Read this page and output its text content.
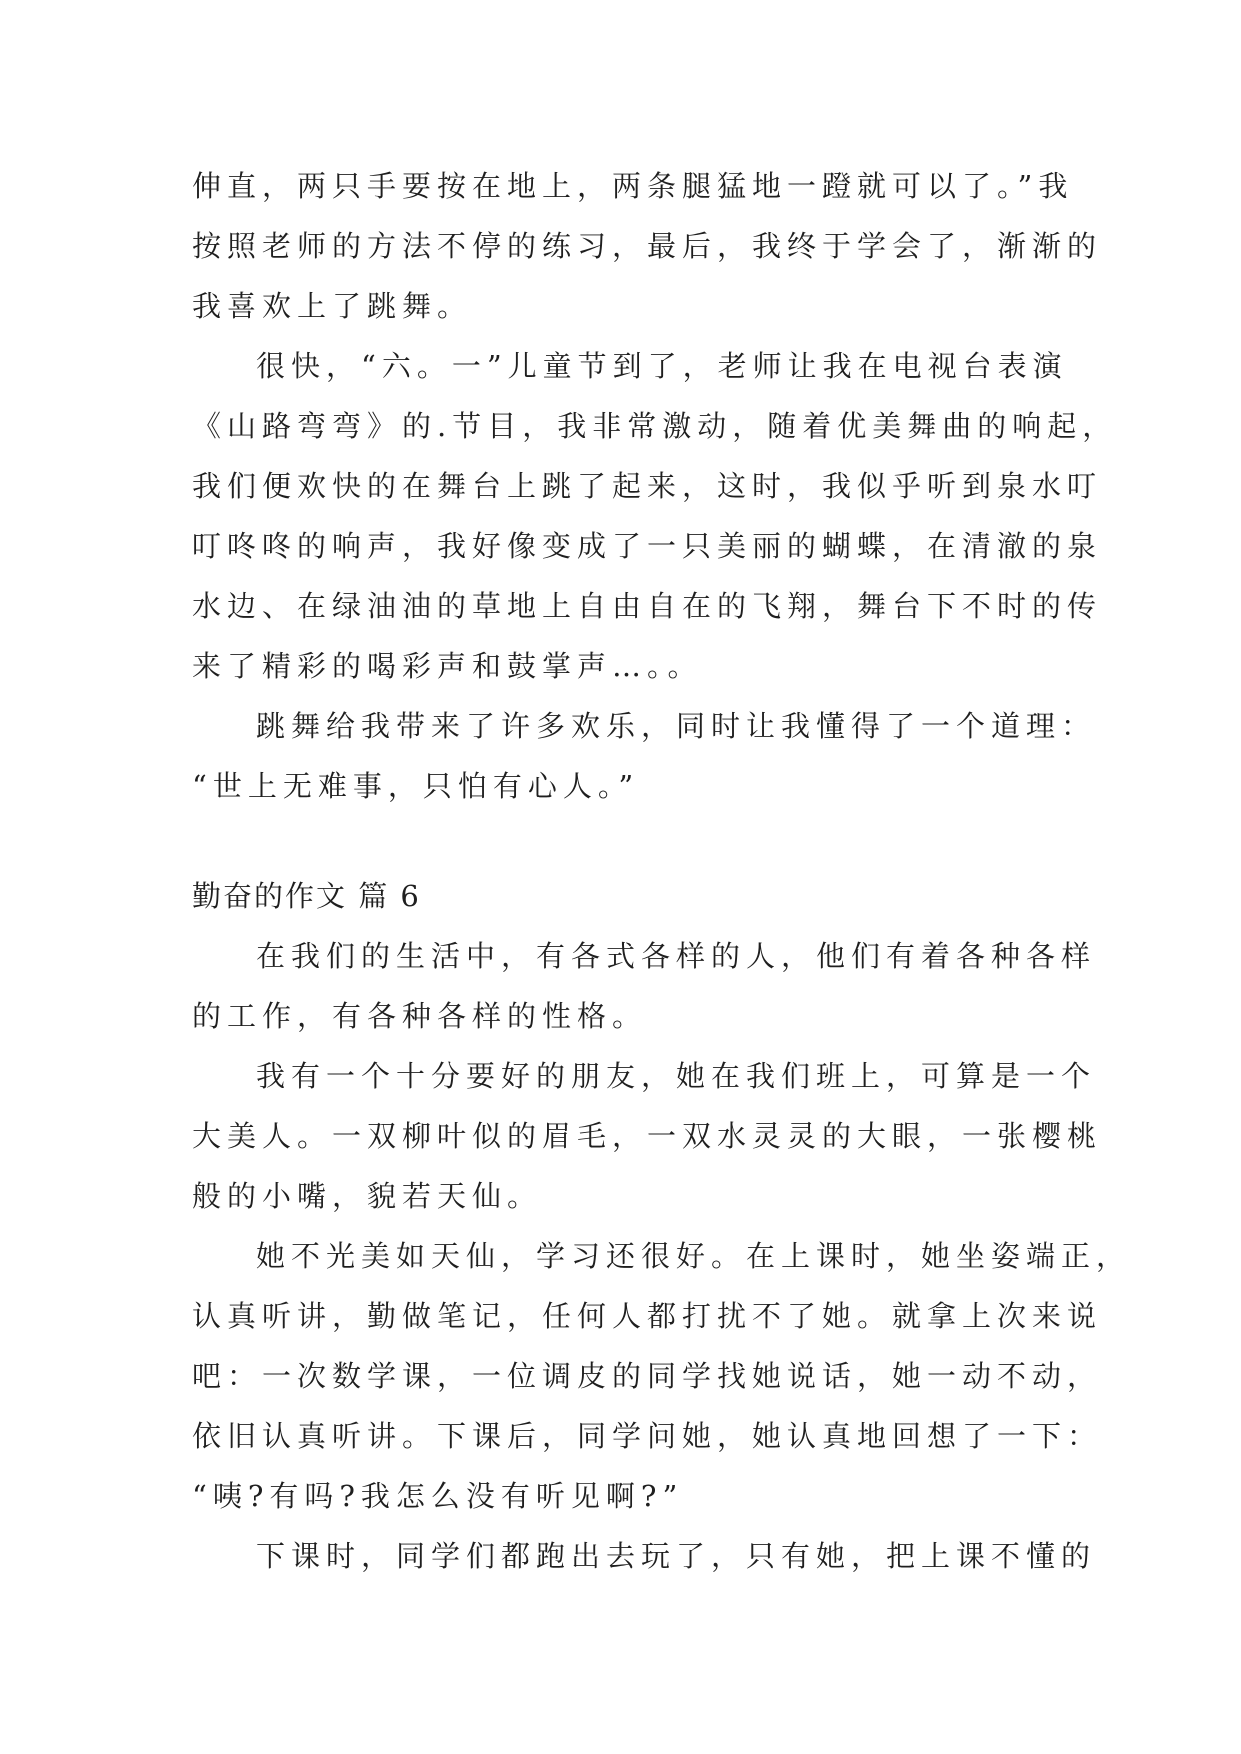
伸直，两只手要按在地上，两条腿猛地一蹬就可以了。”我
按照老师的方法不停的练习，最后，我终于学会了，渐渐的
我喜欢上了跳舞。
很快，“六。一”儿童节到了，老师让我在电视台表演
《山路弯弯》的.节目，我非常激动，随着优美舞曲的响起，
我们便欢快的在舞台上跳了起来，这时，我似乎听到泉水叮
叮咚咚的响声，我好像变成了一只美丽的蝴蝶，在清澈的泉
水边、在绿油油的草地上自由自在的飞翔，舞台下不时的传
来了精彩的喝彩声和鼓掌声…。。
跳舞给我带来了许多欢乐，同时让我懂得了一个道理：
“世上无难事，只怕有心人。”
勤奋的作文 篇 6
在我们的生活中，有各式各样的人，他们有着各种各样
的工作，有各种各样的性格。
我有一个十分要好的朋友，她在我们班上，可算是一个
大美人。一双柳叶似的眉毛，一双水灵灵的大眼，一张樱桃
般的小嘴，貌若天仙。
她不光美如天仙，学习还很好。在上课时，她坐姿端正，
认真听讲，勤做笔记，任何人都打扰不了她。就拿上次来说
吧：一次数学课，一位调皮的同学找她说话，她一动不动，
依旧认真听讲。下课后，同学问她，她认真地回想了一下：
“咦?有吗?我怎么没有听见啊?”
下课时，同学们都跑出去玩了，只有她，把上课不懂的
